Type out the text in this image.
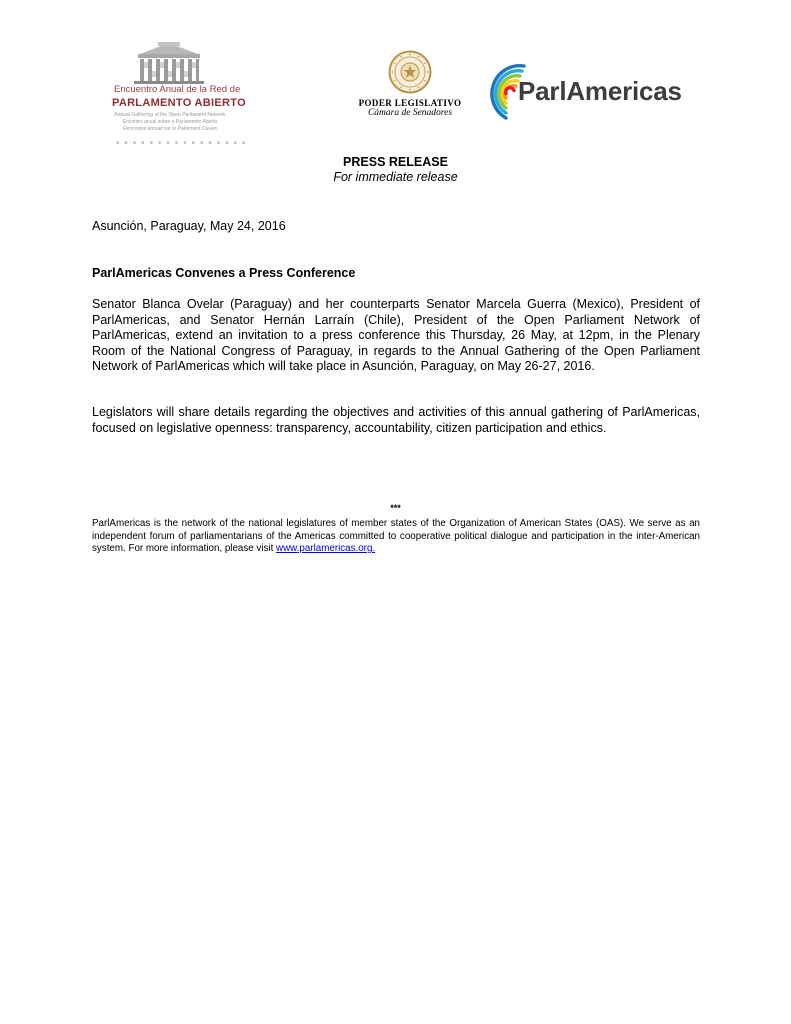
Encuentro Anual de la Red de
PARLAMENTO ABIERTO
Annual Gathering of the Open Parliament Network
Encontro anual sobre o Parlamento Aberto
Rencontre annuel sur le Parlement Ouvert
■ ■ ■ ■ ■ ■ ■ ■ ■ ■ ■ ■ ■ ■ ■ ■
PODER LEGISLATIVO
Cámara de Senadores
ParlAmericas
PRESS RELEASE
For immediate release
Asunción, Paraguay, May 24, 2016
ParlAmericas Convenes a Press Conference

Senator Blanca Ovelar (Paraguay) and her counterparts Senator Marcela Guerra (Mexico), President of ParlAmericas, and Senator Hernán Larraín (Chile), President of the Open Parliament Network of ParlAmericas, extend an invitation to a press conference this Thursday, 26 May, at 12pm, in the Plenary Room of the National Congress of Paraguay, in regards to the Annual Gathering of the Open Parliament Network of ParlAmericas which will take place in Asunción, Paraguay, on May 26-27, 2016.

Legislators will share details regarding the objectives and activities of this annual gathering of ParlAmericas, focused on legislative openness: transparency, accountability, citizen participation and ethics.

***

ParlAmericas is the network of the national legislatures of member states of the Organization of American States (OAS). We serve as an independent forum of parliamentarians of the Americas committed to cooperative political dialogue and participation in the inter-American system. For more information, please visit www.parlamericas.org.
